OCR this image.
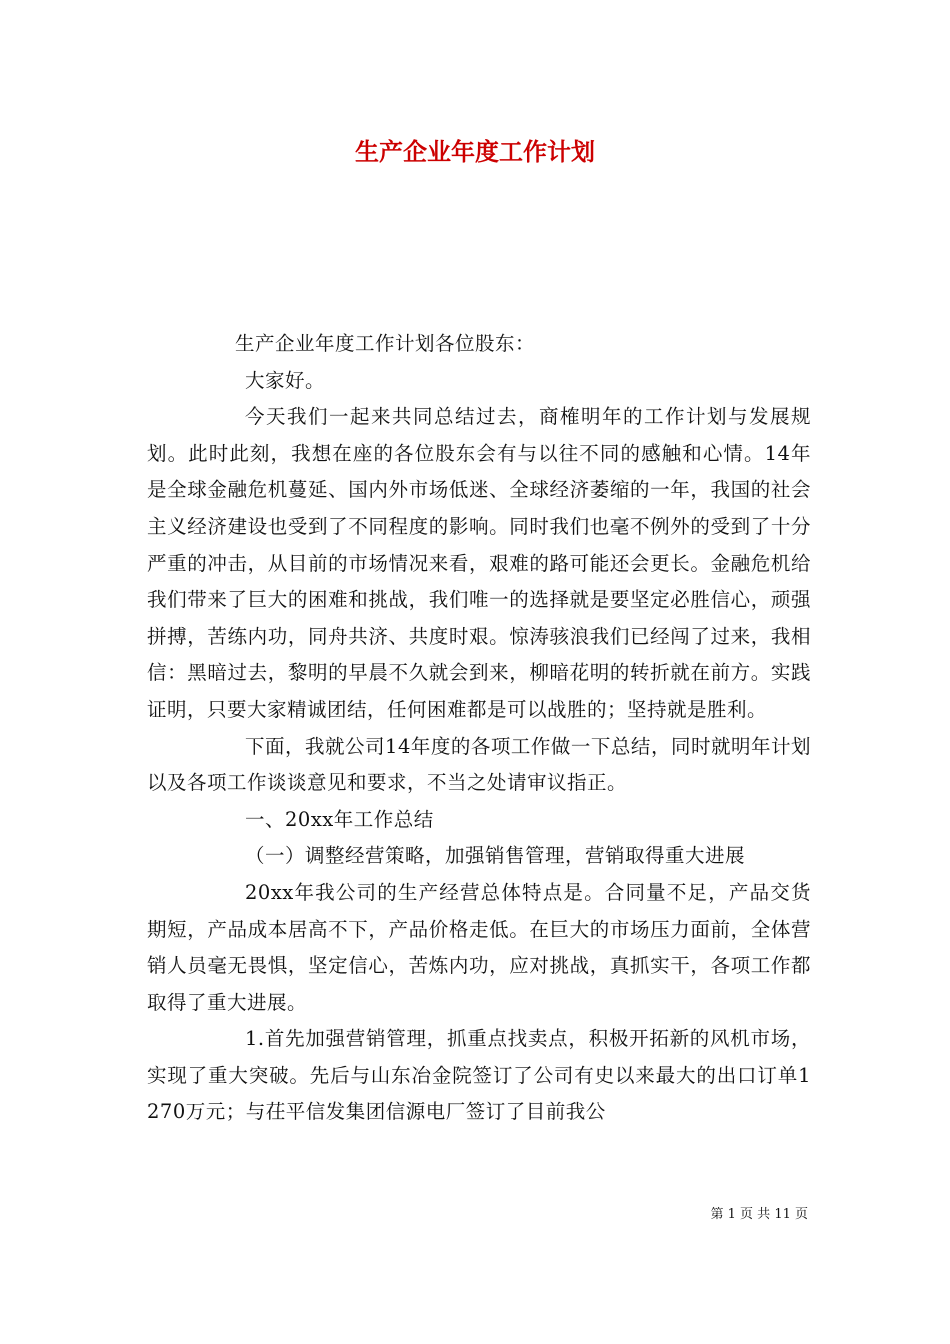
生产企业年度工作计划

生产企业年度工作计划各位股东：

大家好。

今天我们一起来共同总结过去，商榷明年的工作计划与发展规划。此时此刻，我想在座的各位股东会有与以往不同的感触和心情。14年是全球金融危机蔓延、国内外市场低迷、全球经济萎缩的一年，我国的社会主义经济建设也受到了不同程度的影响。同时我们也毫不例外的受到了十分严重的冲击，从目前的市场情况来看，艰难的路可能还会更长。金融危机给我们带来了巨大的困难和挑战，我们唯一的选择就是要坚定必胜信心，顽强拼搏，苦练内功，同舟共济、共度时艰。惊涛骇浪我们已经闯了过来，我相信：黑暗过去，黎明的早晨不久就会到来，柳暗花明的转折就在前方。实践证明，只要大家精诚团结，任何困难都是可以战胜的；坚持就是胜利。

下面，我就公司14年度的各项工作做一下总结，同时就明年计划以及各项工作谈谈意见和要求，不当之处请审议指正。

一、20xx年工作总结

（一）调整经营策略，加强销售管理，营销取得重大进展

20xx年我公司的生产经营总体特点是。合同量不足，产品交货期短，产品成本居高不下，产品价格走低。在巨大的市场压力面前，全体营销人员毫无畏惧，坚定信心，苦炼内功，应对挑战，真抓实干，各项工作都取得了重大进展。

1.首先加强营销管理，抓重点找卖点，积极开拓新的风机市场，实现了重大突破。先后与山东冶金院签订了公司有史以来最大的出口订单1270万元；与茌平信发集团信源电厂签订了目前我公

第 1 页 共 11 页
